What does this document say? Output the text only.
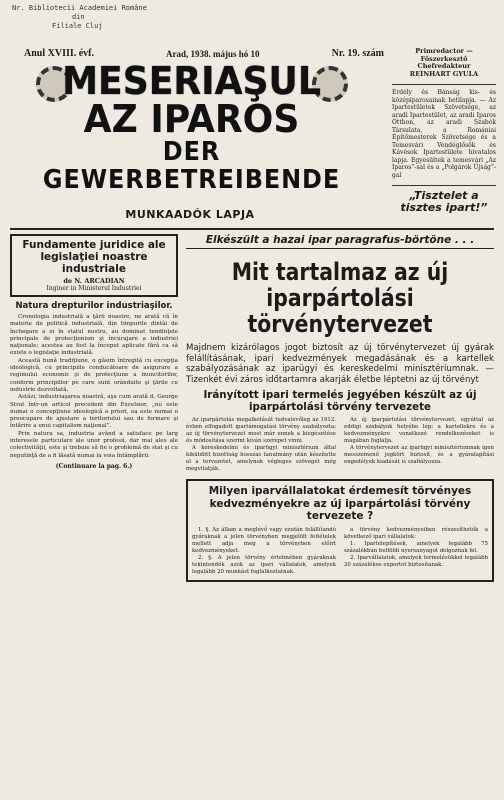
Nr. Bibliotecii Academiei Române
din
Filiale Cluj
Anul XVIII. évf.	Arad, 1938. május hó 10	Nr. 19. szám
MESERIAŞUL
AZ IPAROS
DER GEWERBETREIBENDE
MUNKAADÓK LAPJA
Primredactor — Főszerkesztő
Chefredakteur
REINHART GYULA

Erdély és Bánság kis- és középiparosainak hetilapja. — Az Ipartestületek Szövetsége, az aradi Ipartestület, az aradi Iparos Otthon, az aradi Szabók Társulata, a Romániai Építőmesterek Szövetsége és a Temesvári Vendéglősök és Kávésok Ipartestülete hivatalos lapja. Egyesültek a temesvári „Az Iparos”-sal és a „Polgárok Újság”-gal

„Tisztelet a tisztes ipart!”
Fundamente juridice ale legislaţiei noastre industriale
de N. ARCADIAN
Inginer in Ministerul Industriei
Natura drepturilor industriaşilor.

Cronologia industrială a ţării noastre, ne arată că în materie de politică industrială, din timpurile dintâi de închegare a ei în statul nostru, au dominat tendinţele principale de protecţionism şi încurajare a industriei naţionale; acestea au fost la început aplicate fără ca să existe o legislaţie industrială.

Această bună tradiţiune, o găsim întregită cu excepţia ideologică, cu principiile conducătoare de asigurare a regimului economic şi de protecţiune a muncitorilor, conform principiilor pe care sunt orânduite şi ţările cu industrie dezvoltată.

Astăzi, industriaşarea noastră, aşa cum arată d. George Strat într-un articol precedent din Excelsior, „nu este numai o concepţiune ideologică a priori, ea este numai o preocupare de ajustare a teritoriului sau de formare şi întărire a unui capitalism naţional”.

Prin natura sa, industria având a satisface pe larg interesele particulare ale unor profesii, dar mai ales ale colectivităţii, este şi trebuie să fie o problemă de stat şi cu neputinţă de a fi lăsată numai la voia întâmplării.

(Continuare la pag. 6.)
Elkészült a hazai ipar paragrafus-börtöne . . .
Mit tartalmaz az új iparpártolási törvénytervezet
Majdnem kizárólagos jogot biztosít az új törvénytervezet új gyárak felállításának, ipari kedvezmények megadásának és a kartellek szabályozásának az iparügyi és kereskedelmi minisztériumnak. — Tizenkét évi záros időtartamra akarják életbe léptetni az új törvényt
Irányított ipari termelés jegyében készült az új iparpártolási törvény tervezete

Az iparpártolás megalkotását tudvalevőleg az 1912. évben elfogadott ipartámogatási törvény szabályozta; az új törvénytervezet most már ennek a kiegészítése és módosítása szerint kíván szerepet vinni.

A kereskedelmi és iparügyi minisztérium által kiküldött bizottság hosszas tanulmány után készítette el a tervezetet, amelynek végleges szövegét még megvitatják.

Az új iparpártolási törvénytervezet, egyúttal az eddigi szabályok helyébe lép; a kartellekre és a kedvezményekre vonatkozó rendelkezéseket is magában foglalja.

A törvénytervezet az iparügyi minisztériumnak igen messzemenő jogkört biztosít, és a gyáralapítási engedélyek kiadását is szabályozza.

Milyen iparvállalatokat érdemesít törvényes kedvezményekre az új iparpártolási törvény tervezete ?

1. §. Az állam a meglévő vagy ezután felállítandó gyáraknak a jelen törvényben megjelölt feltételek mellett adja meg a törvényben előírt kedvezményeket.

2. §. A jelen törvény értelmében gyáraknak tekintendők azok az ipari vállalatok, amelyek legalább 20 munkást foglalkoztatnak.

a törvény kedvezményeiben részesíthetők a következő ipari vállalatok:

1. Ipartelepítések, amelyek legalább 75 százalékban belföldi nyersanyagot dolgoznak fel.

2. Iparvállalatok, amelyek termelésükkel legalább 20 százalékos exportot biztosítanak.
